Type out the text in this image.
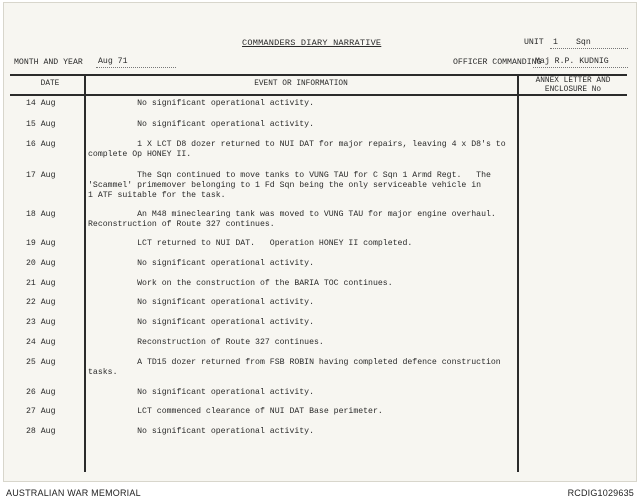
COMMANDERS DIARY NARRATIVE	UNIT 1 Sqn
MONTH AND YEAR Aug 71	OFFICER COMMANDING
Maj R.P. KUDNIG
DATE	EVENT OR INFORMATION	ANNEX LETTER AND
ENCLOSURE No
14 Aug	No significant operational activity.
15 Aug	No significant operational activity.
16 Aug	1 X LCT D8 dozer returned to NUI DAT for major repairs, leaving 4 x D8's to
complete Op HONEY II.
17 Aug	The Sqn continued to move tanks to VUNG TAU for C Sqn 1 Armd Regt.   The
'Scammel' primemover belonging to 1 Fd Sqn being the only serviceable vehicle in
1 ATF suitable for the task.
18 Aug	An M48 mineclearing tank was moved to VUNG TAU for major engine overhaul.
Reconstruction of Route 327 continues.
19 Aug	LCT returned to NUI DAT.   Operation HONEY II completed.
20 Aug	No significant operational activity.
21 Aug	Work on the construction of the BARIA TOC continues.
22 Aug	No significant operational activity.
23 Aug	No significant operational activity.
24 Aug	Reconstruction of Route 327 continues.
25 Aug	A TD15 dozer returned from FSB ROBIN having completed defence construction
tasks.
26 Aug	No significant operational activity.
27 Aug	LCT commenced clearance of NUI DAT Base perimeter.
28 Aug	No significant operational activity.
AUSTRALIAN WAR MEMORIAL	RCDIG1029635
